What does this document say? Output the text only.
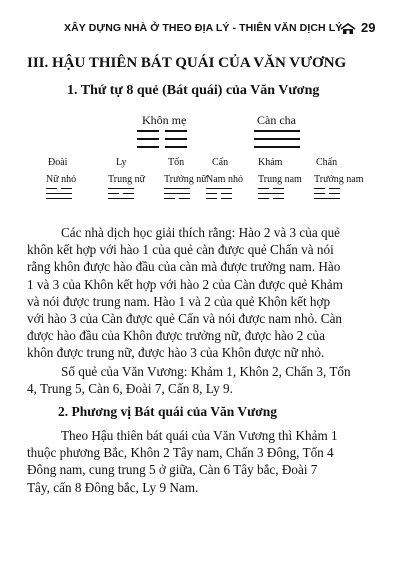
XÂY DỰNG NHÀ Ở THEO ĐỊA LÝ - THIÊN VĂN DỊCH LÝ 29
III. HẬU THIÊN BÁT QUÁI CỦA VĂN VƯƠNG
1. Thứ tự 8 quẻ (Bát quái) của Văn Vương
Khôn mẹ	Càn cha
Đoài
Nữ nhỏ
Ly
Trung nữ
Tốn
Trưởng nữ
Cấn
Nam nhỏ
Khảm
Trung nam
Chấn
Trưởng nam
Các nhà dịch học giải thích rằng: Hào 2 và 3 của quẻ
khôn kết hợp với hào 1 của quẻ càn được quẻ Chấn và nói
rằng khôn được hào đầu của càn mà được trưởng nam. Hào
1 và 3 của Khôn kết hợp với hào 2 của Càn được quẻ Khảm
và nói được trung nam. Hào 1 và 2 của quẻ Khôn kết hợp
với hào 3 của Càn được quẻ Cấn và nói được nam nhỏ. Càn
được hào đầu của Khôn được trưởng nữ, được hào 2 của
khôn được trung nữ, được hào 3 của Khôn được nữ nhỏ.
Số quẻ của Văn Vương: Khảm 1, Khôn 2, Chấn 3, Tốn
4, Trung 5, Càn 6, Đoài 7, Cấn 8, Ly 9.
2. Phương vị Bát quái của Văn Vương
Theo Hậu thiên bát quái của Văn Vương thì Khảm 1
thuộc phương Bắc, Khôn 2 Tây nam, Chấn 3 Đông, Tốn 4
Đông nam, cung trung 5 ở giữa, Càn 6 Tây bắc, Đoài 7
Tây, cấn 8 Đông bắc, Ly 9 Nam.
